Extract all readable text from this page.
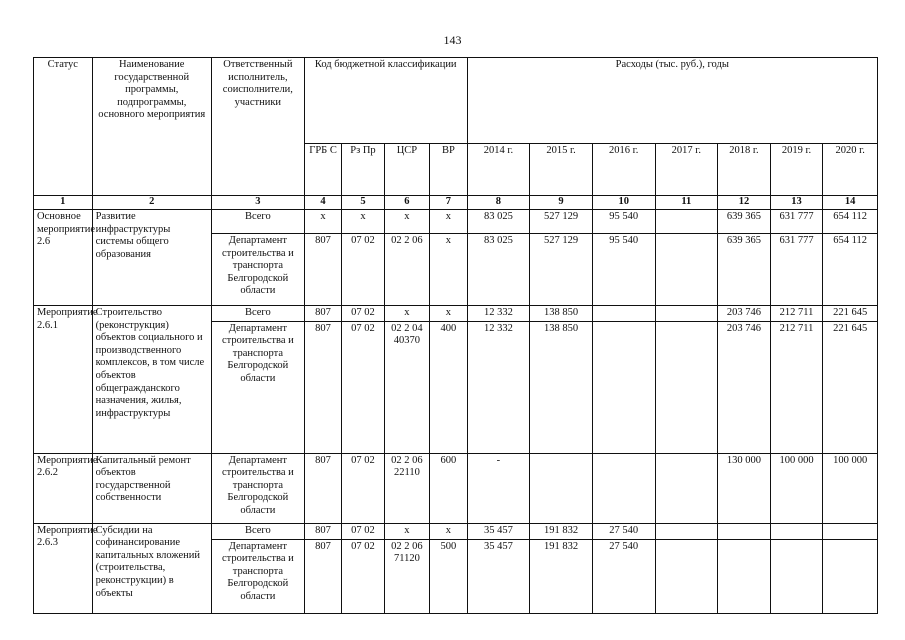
143
Статус	Наименование государственной программы, подпрограммы, основного мероприятия	Ответственный исполнитель, соисполнители, участники	Код бюджетной классификации				Расходы (тыс. руб.), годы						
			ГРБ С	Рз Пр	ЦСР	ВР	2014 г.	2015 г.	2016 г.	2017 г.	2018 г.	2019 г.	2020 г.
1	2	3	4	5	6	7	8	9	10	11	12	13	14
Основное мероприятие 2.6	Развитие инфраструктуры системы общего образования	Всего	х	х	х	х	83 025	527 129	95 540		639 365	631 777	654 112
		Департамент строительства и транспорта Белгородской области	807	07 02	02 2 06	х	83 025	527 129	95 540		639 365	631 777	654 112
Мероприятие 2.6.1	Строительство (реконструкция) объектов социального и производственного комплексов, в том числе объектов общегражданского назначения, жилья, инфраструктуры	Всего	807	07 02	х	х	12 332	138 850			203 746	212 711	221 645
		Департамент строительства и транспорта Белгородской области	807	07 02	02 2 04 40370	400	12 332	138 850			203 746	212 711	221 645
Мероприятие 2.6.2	Капитальный ремонт объектов государственной собственности	Департамент строительства и транспорта Белгородской области	807	07 02	02 2 06 22110	600	-				130 000	100 000	100 000
Мероприятие 2.6.3	Субсидии на софинансирование капитальных вложений (строительства, реконструкции) в объекты	Всего	807	07 02	х	х	35 457	191 832	27 540				
		Департамент строительства и транспорта Белгородской области	807	07 02	02 2 06 71120	500	35 457	191 832	27 540				
